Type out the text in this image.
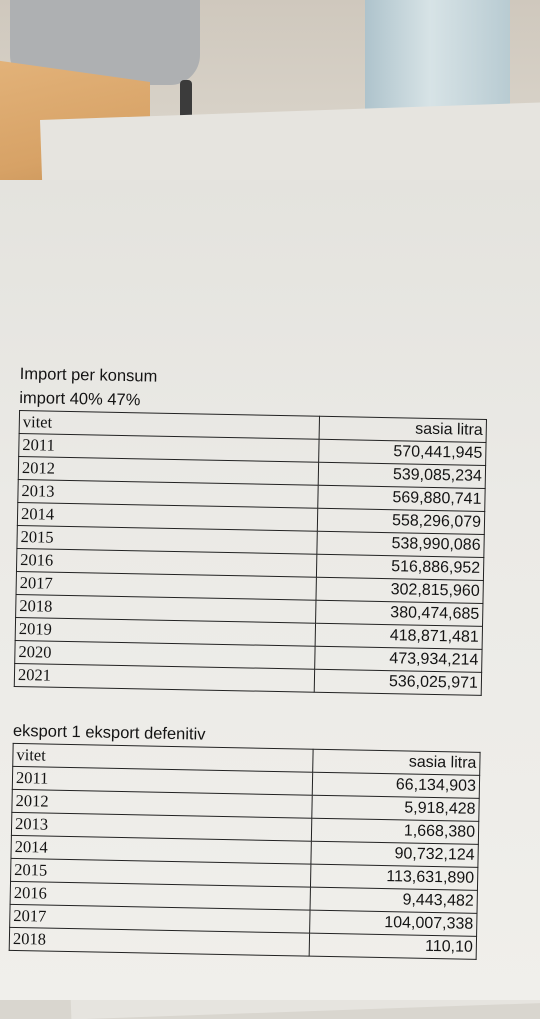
Import per konsum
import 40% 47%
vitet	sasia litra
2011	570,441,945
2012	539,085,234
2013	569,880,741
2014	558,296,079
2015	538,990,086
2016	516,886,952
2017	302,815,960
2018	380,474,685
2019	418,871,481
2020	473,934,214
2021	536,025,971
eksport 1 eksport defenitiv
vitet	sasia litra
2011	66,134,903
2012	5,918,428
2013	1,668,380
2014	90,732,124
2015	113,631,890
2016	9,443,482
2017	104,007,338
2018	110,10
